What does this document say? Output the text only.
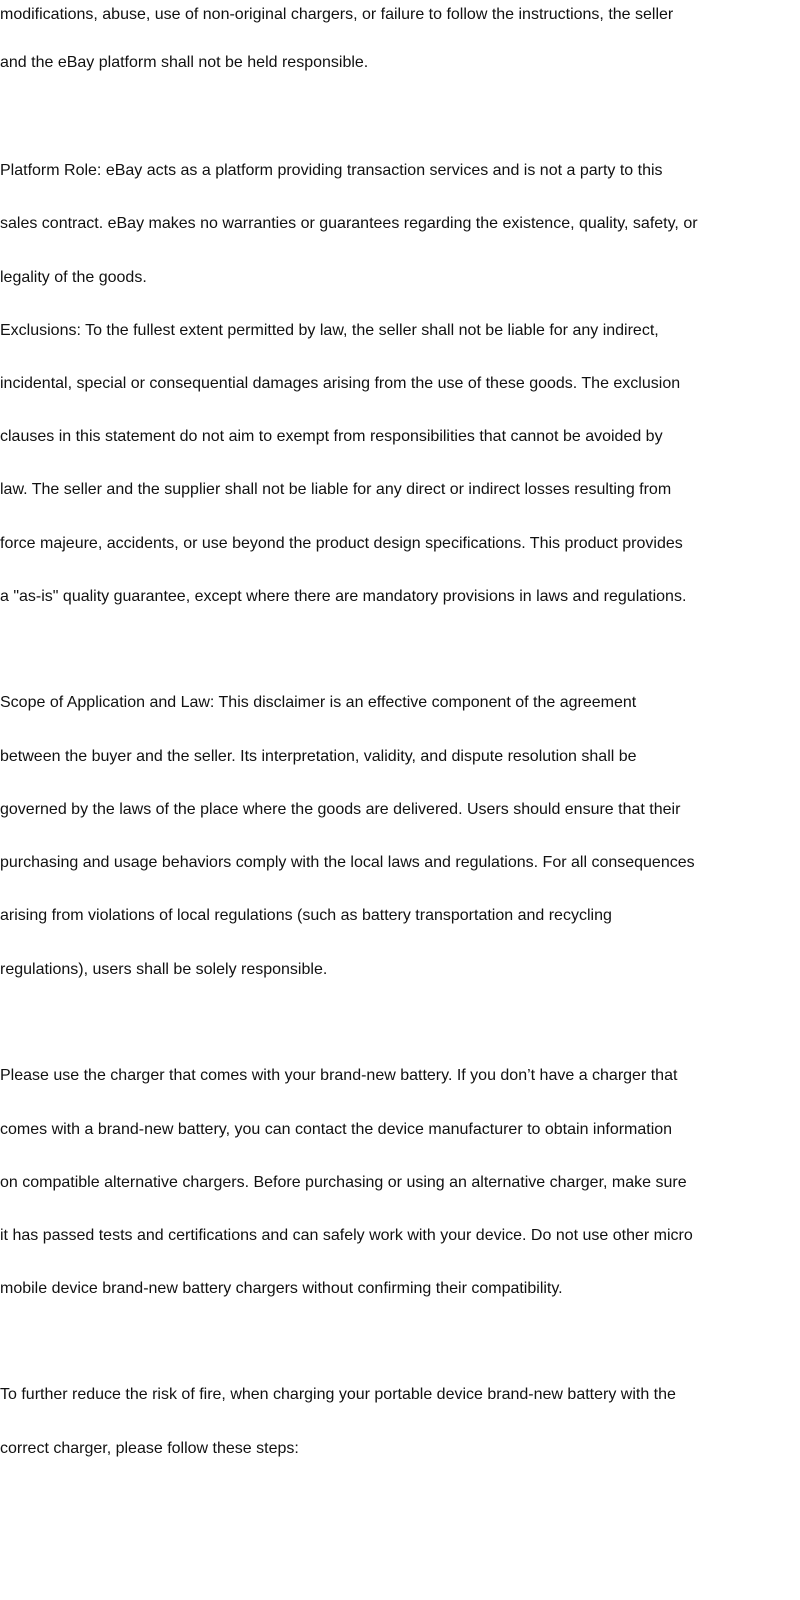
modifications, abuse, use of non-original chargers, or failure to follow the instructions, the seller
and the eBay platform shall not be held responsible.
Platform Role: eBay acts as a platform providing transaction services and is not a party to this
sales contract. eBay makes no warranties or guarantees regarding the existence, quality, safety, or
legality of the goods.
Exclusions: To the fullest extent permitted by law, the seller shall not be liable for any indirect,
incidental, special or consequential damages arising from the use of these goods. The exclusion
clauses in this statement do not aim to exempt from responsibilities that cannot be avoided by
law. The seller and the supplier shall not be liable for any direct or indirect losses resulting from
force majeure, accidents, or use beyond the product design specifications. This product provides
a "as-is" quality guarantee, except where there are mandatory provisions in laws and regulations.
Scope of Application and Law: This disclaimer is an effective component of the agreement
between the buyer and the seller. Its interpretation, validity, and dispute resolution shall be
governed by the laws of the place where the goods are delivered. Users should ensure that their
purchasing and usage behaviors comply with the local laws and regulations. For all consequences
arising from violations of local regulations (such as battery transportation and recycling
regulations), users shall be solely responsible.
Please use the charger that comes with your brand-new battery. If you don’t have a charger that
comes with a brand-new battery, you can contact the device manufacturer to obtain information
on compatible alternative chargers. Before purchasing or using an alternative charger, make sure
it has passed tests and certifications and can safely work with your device. Do not use other micro
mobile device brand-new battery chargers without confirming their compatibility.
To further reduce the risk of fire, when charging your portable device brand-new battery with the
correct charger, please follow these steps:
